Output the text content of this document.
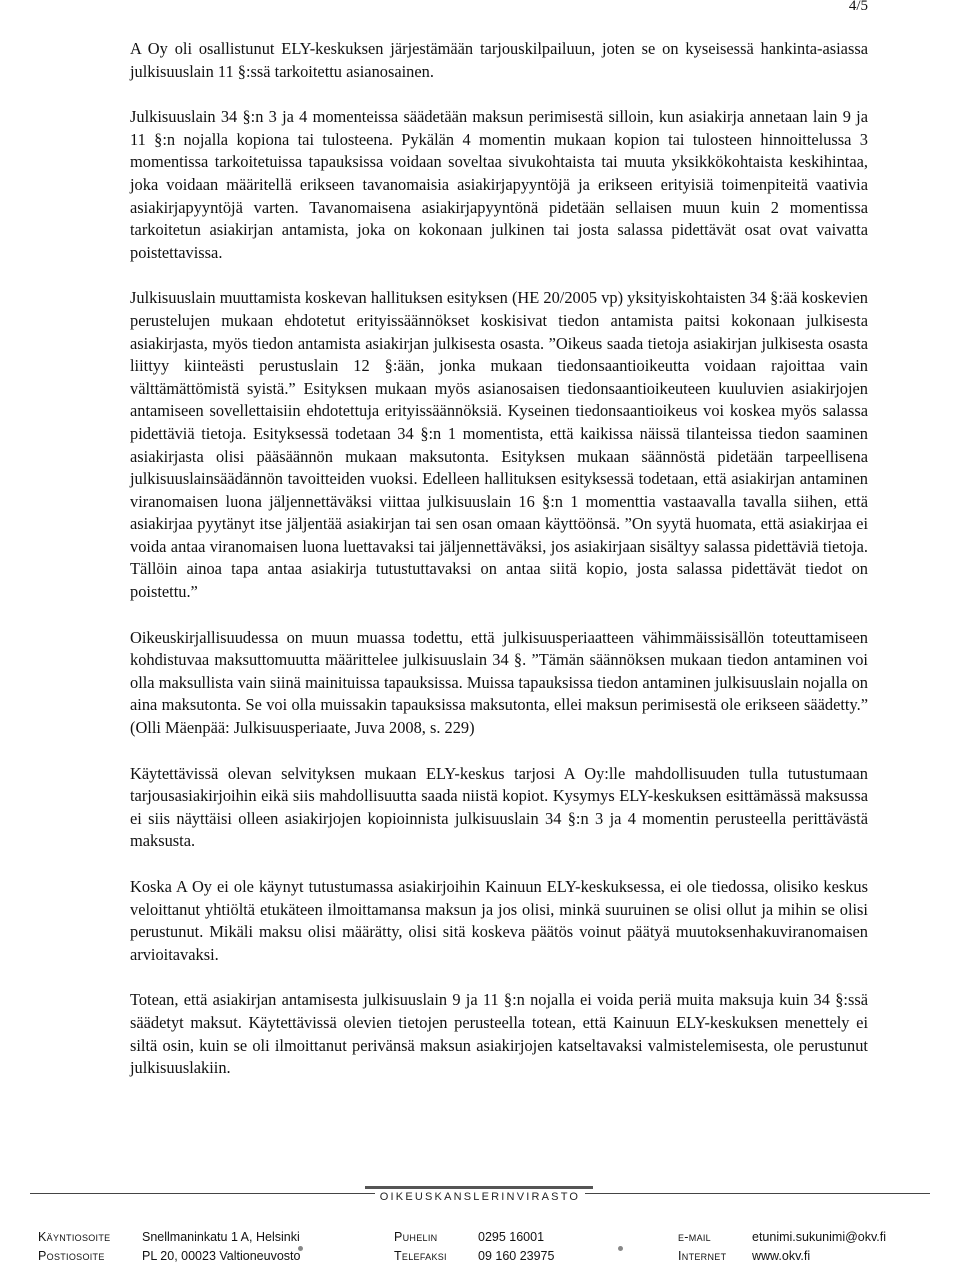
4/5

A Oy oli osallistunut ELY-keskuksen järjestämään tarjouskilpailuun, joten se on kyseisessä hankinta-asiassa julkisuuslain 11 §:ssä tarkoitettu asianosainen.

Julkisuuslain 34 §:n 3 ja 4 momenteissa säädetään maksun perimisestä silloin, kun asiakirja annetaan lain 9 ja 11 §:n nojalla kopiona tai tulosteena. Pykälän 4 momentin mukaan kopion tai tulosteen hinnoittelussa 3 momentissa tarkoitetuissa tapauksissa voidaan soveltaa sivukohtaista tai muuta yksikkökohtaista keskihintaa, joka voidaan määritellä erikseen tavanomaisia asiakirjapyyntöjä ja erikseen erityisiä toimenpiteitä vaativia asiakirjapyyntöjä varten. Tavanomaisena asiakirjapyyntönä pidetään sellaisen muun kuin 2 momentissa tarkoitetun asiakirjan antamista, joka on kokonaan julkinen tai josta salassa pidettävät osat ovat vaivatta poistettavissa.

Julkisuuslain muuttamista koskevan hallituksen esityksen (HE 20/2005 vp) yksityiskohtaisten 34 §:ää koskevien perustelujen mukaan ehdotetut erityissäännökset koskisivat tiedon antamista paitsi kokonaan julkisesta asiakirjasta, myös tiedon antamista asiakirjan julkisesta osasta. ”Oikeus saada tietoja asiakirjan julkisesta osasta liittyy kiinteästi perustuslain 12 §:ään, jonka mukaan tiedonsaantioikeutta voidaan rajoittaa vain välttämättömistä syistä.” Esityksen mukaan myös asianosaisen tiedonsaantioikeuteen kuuluvien asiakirjojen antamiseen sovellettaisiin ehdotettuja erityissäännöksiä. Kyseinen tiedonsaantioikeus voi koskea myös salassa pidettäviä tietoja. Esityksessä todetaan 34 §:n 1 momentista, että kaikissa näissä tilanteissa tiedon saaminen asiakirjasta olisi pääsäännön mukaan maksutonta. Esityksen mukaan säännöstä pidetään tarpeellisena julkisuuslainsäädännön tavoitteiden vuoksi. Edelleen hallituksen esityksessä todetaan, että asiakirjan antaminen viranomaisen luona jäljennettäväksi viittaa julkisuuslain 16 §:n 1 momenttia vastaavalla tavalla siihen, että asiakirjaa pyytänyt itse jäljentää asiakirjan tai sen osan omaan käyttöönsä. ”On syytä huomata, että asiakirjaa ei voida antaa viranomaisen luona luettavaksi tai jäljennettäväksi, jos asiakirjaan sisältyy salassa pidettäviä tietoja. Tällöin ainoa tapa antaa asiakirja tutustuttavaksi on antaa siitä kopio, josta salassa pidettävät tiedot on poistettu.”

Oikeuskirjallisuudessa on muun muassa todettu, että julkisuusperiaatteen vähimmäissisällön toteuttamiseen kohdistuvaa maksuttomuutta määrittelee julkisuuslain 34 §. ”Tämän säännöksen mukaan tiedon antaminen voi olla maksullista vain siinä mainituissa tapauksissa. Muissa tapauksissa tiedon antaminen julkisuuslain nojalla on aina maksutonta. Se voi olla muissakin tapauksissa maksutonta, ellei maksun perimisestä ole erikseen säädetty.” (Olli Mäenpää: Julkisuusperiaate, Juva 2008, s. 229)

Käytettävissä olevan selvityksen mukaan ELY-keskus tarjosi A Oy:lle mahdollisuuden tulla tutustumaan tarjousasiakirjoihin eikä siis mahdollisuutta saada niistä kopiot. Kysymys ELY-keskuksen esittämässä maksussa ei siis näyttäisi olleen asiakirjojen kopioinnista julkisuuslain 34 §:n 3 ja 4 momentin perusteella perittävästä maksusta.

Koska A Oy ei ole käynyt tutustumassa asiakirjoihin Kainuun ELY-keskuksessa, ei ole tiedossa, olisiko keskus veloittanut yhtiöltä etukäteen ilmoittamansa maksun ja jos olisi, minkä suuruinen se olisi ollut ja mihin se olisi perustunut. Mikäli maksu olisi määrätty, olisi sitä koskeva päätös voinut päätyä muutoksenhakuviranomaisen arvioitavaksi.

Totean, että asiakirjan antamisesta julkisuuslain 9 ja 11 §:n nojalla ei voida periä muita maksuja kuin 34 §:ssä säädetyt maksut. Käytettävissä olevien tietojen perusteella totean, että Kainuun ELY-keskuksen menettely ei siltä osin, kuin se oli ilmoittanut perivänsä maksun asiakirjojen katseltavaksi valmistelemisesta, ole perustunut julkisuuslakiin.

OIKEUSKANSLERINVIRASTO
Käyntiosoite	Snellmaninkatu 1 A, Helsinki	Puhelin	0295 16001	e-mail	etunimi.sukunimi@okv.fi
Postiosoite	PL 20, 00023 Valtioneuvosto	Telefaksi 09 160 23975	Internet www.okv.fi
